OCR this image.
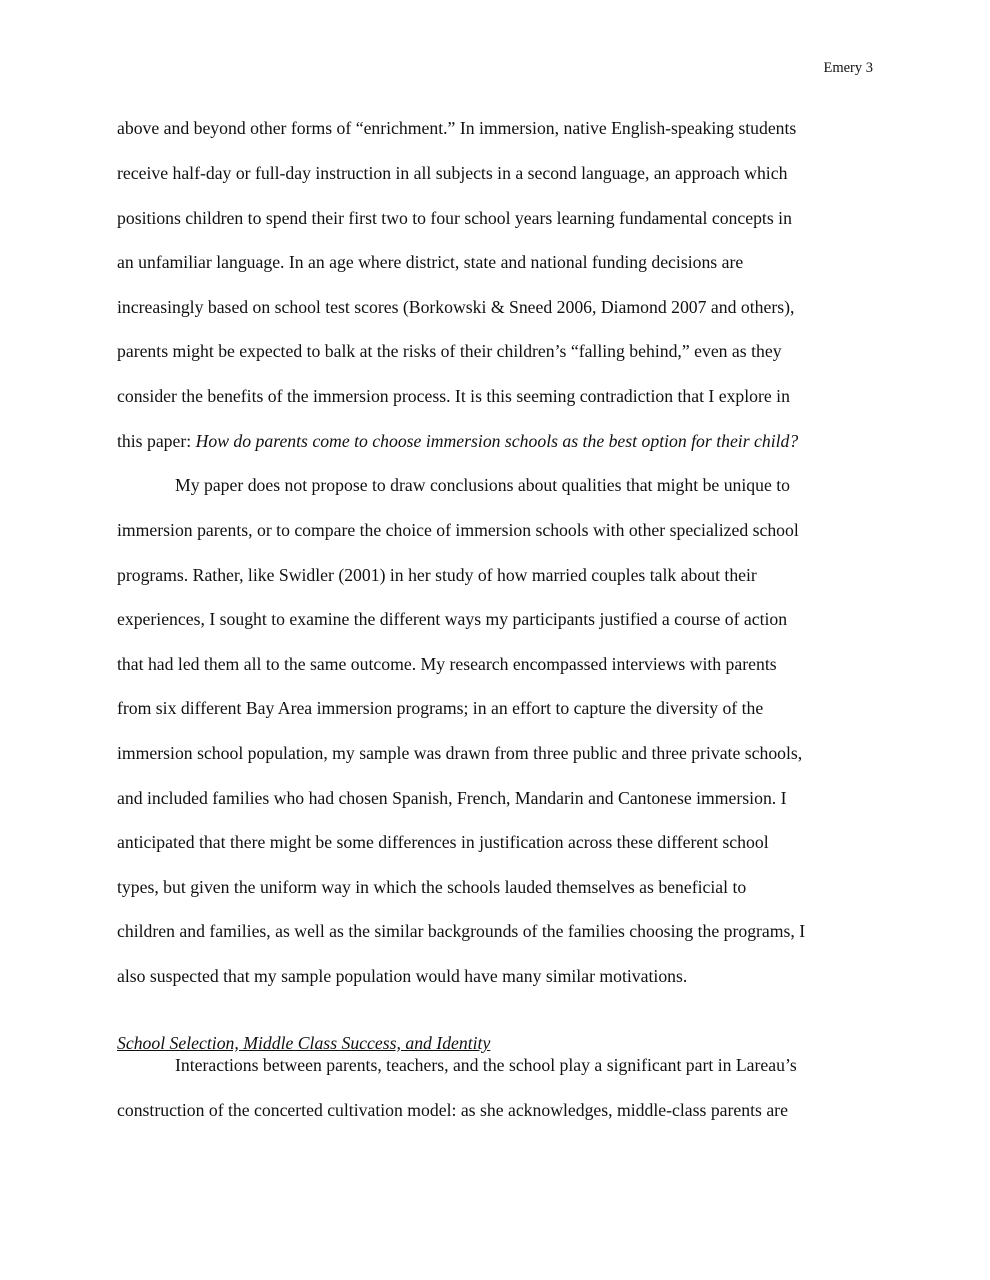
Emery 3
above and beyond other forms of “enrichment.” In immersion, native English-speaking students
receive half-day or full-day instruction in all subjects in a second language, an approach which
positions children to spend their first two to four school years learning fundamental concepts in
an unfamiliar language. In an age where district, state and national funding decisions are
increasingly based on school test scores (Borkowski & Sneed 2006, Diamond 2007 and others),
parents might be expected to balk at the risks of their children’s “falling behind,” even as they
consider the benefits of the immersion process. It is this seeming contradiction that I explore in
this paper: How do parents come to choose immersion schools as the best option for their child?
My paper does not propose to draw conclusions about qualities that might be unique to
immersion parents, or to compare the choice of immersion schools with other specialized school
programs. Rather, like Swidler (2001) in her study of how married couples talk about their
experiences, I sought to examine the different ways my participants justified a course of action
that had led them all to the same outcome. My research encompassed interviews with parents
from six different Bay Area immersion programs; in an effort to capture the diversity of the
immersion school population, my sample was drawn from three public and three private schools,
and included families who had chosen Spanish, French, Mandarin and Cantonese immersion. I
anticipated that there might be some differences in justification across these different school
types, but given the uniform way in which the schools lauded themselves as beneficial to
children and families, as well as the similar backgrounds of the families choosing the programs, I
also suspected that my sample population would have many similar motivations.
School Selection, Middle Class Success, and Identity
Interactions between parents, teachers, and the school play a significant part in Lareau’s
construction of the concerted cultivation model: as she acknowledges, middle-class parents are
